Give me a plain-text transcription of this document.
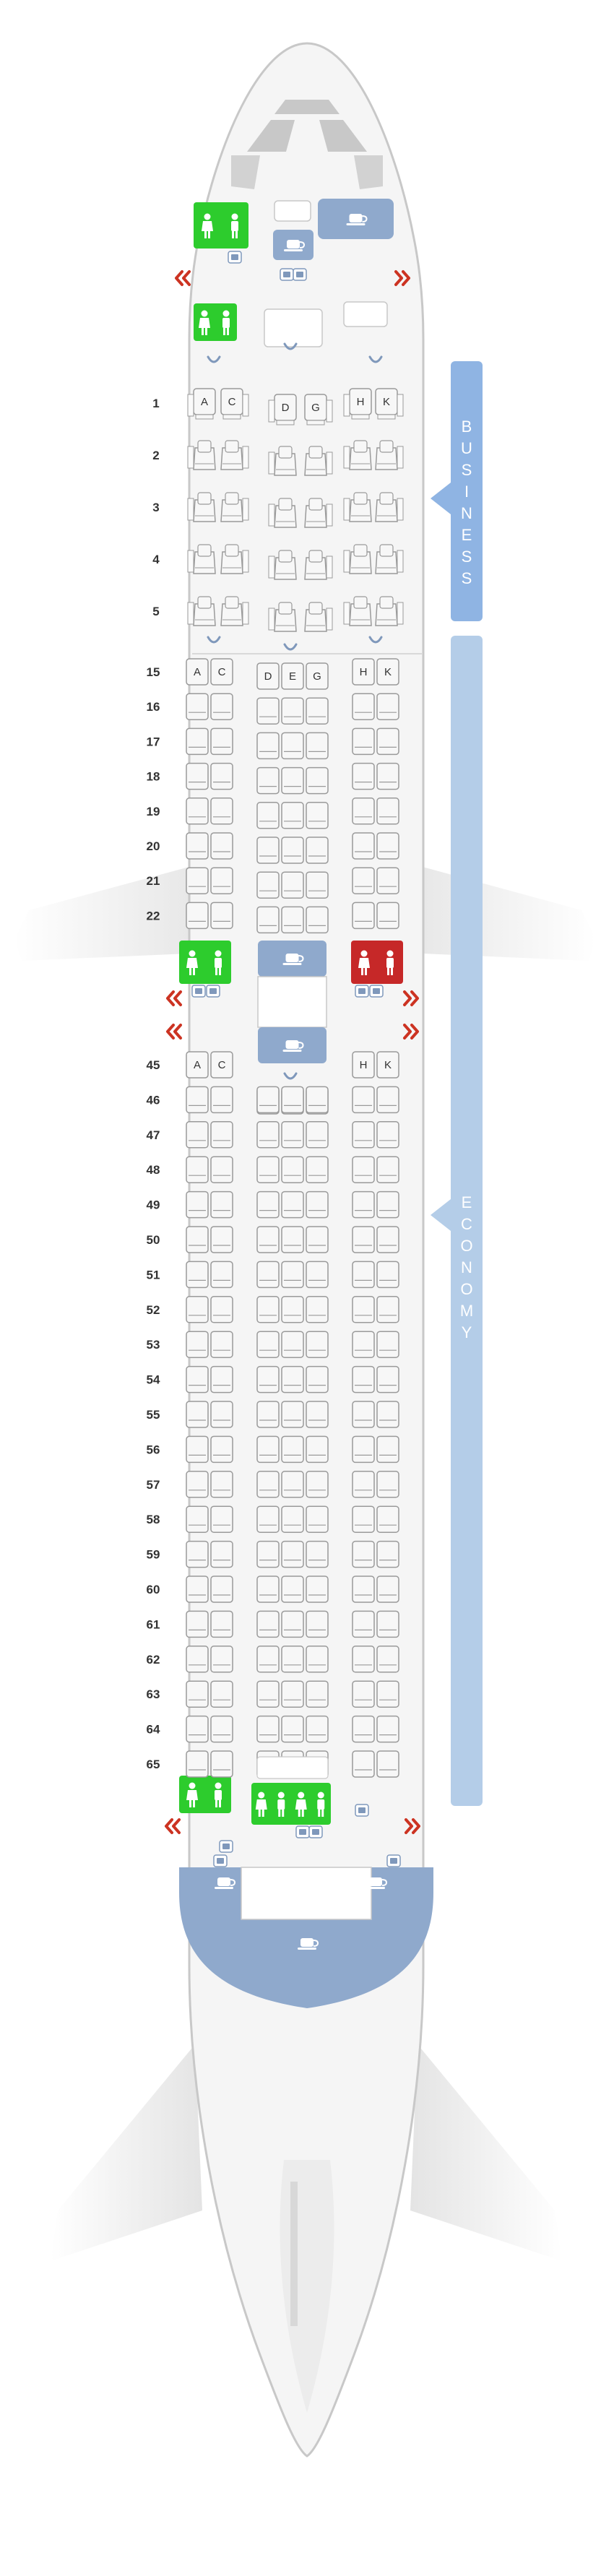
1	A C	D G	H K
2
3
4
5
15	A C	D E G	H K
16
17
18
19
20
21
22
45	A C	H K
46
47
48
49
50
51
52
53
54
55
56
57
58
59
60
61
62
63
64
65
B
U
S
I
N
E
S
S
E
C
O
N
O
M
Y
